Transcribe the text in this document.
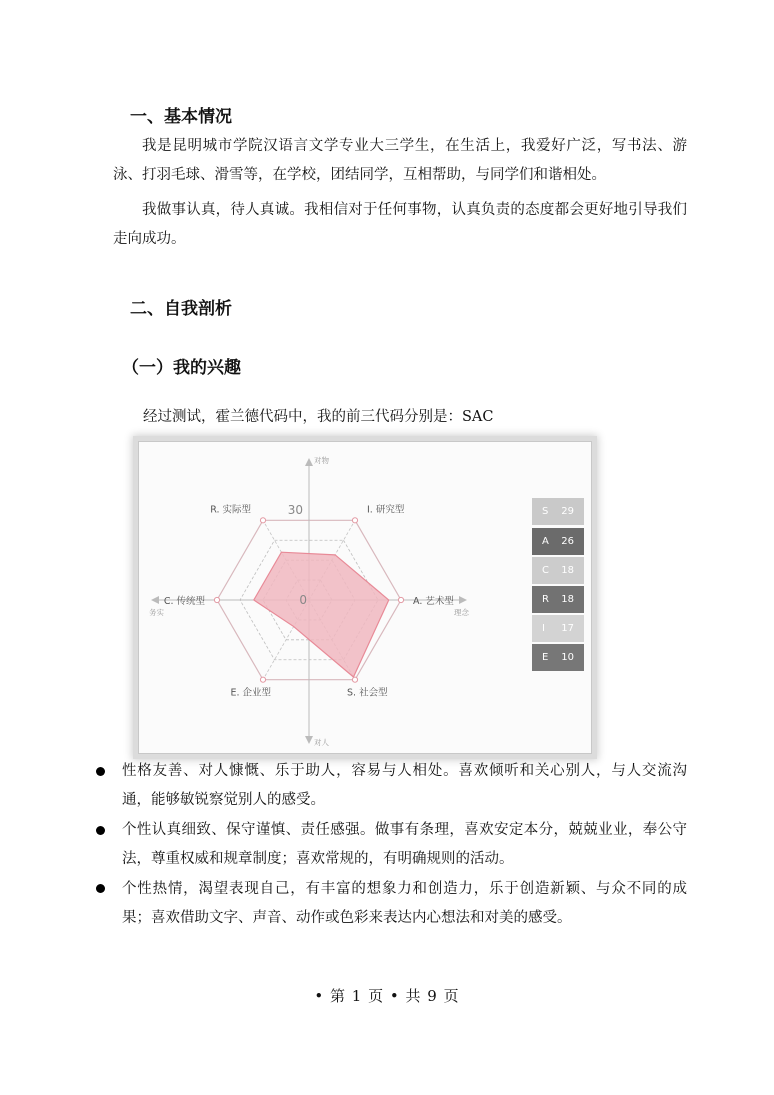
一、基本情况
我是昆明城市学院汉语言文学专业大三学生，在生活上，我爱好广泛，写书法、游泳、打羽毛球、滑雪等，在学校，团结同学，互相帮助，与同学们和谐相处。
我做事认真，待人真诚。我相信对于任何事物，认真负责的态度都会更好地引导我们走向成功。
二、自我剖析
（一）我的兴趣
经过测试，霍兰德代码中，我的前三代码分别是：SAC
30
0
I. 研究型
A. 艺术型
S. 社会型
E. 企业型
C. 传统型
R. 实际型
对物
对人
务实	理念
S 29
A 26
C 18
R 18
I 17
E 10
性格友善、对人慷慨、乐于助人，容易与人相处。喜欢倾听和关心别人，与人交流沟通，能够敏锐察觉别人的感受。
个性认真细致、保守谨慎、责任感强。做事有条理，喜欢安定本分，兢兢业业，奉公守法，尊重权威和规章制度；喜欢常规的，有明确规则的活动。
个性热情，渴望表现自己，有丰富的想象力和创造力，乐于创造新颖、与众不同的成果；喜欢借助文字、声音、动作或色彩来表达内心想法和对美的感受。
• 第 1 页 • 共 9 页
